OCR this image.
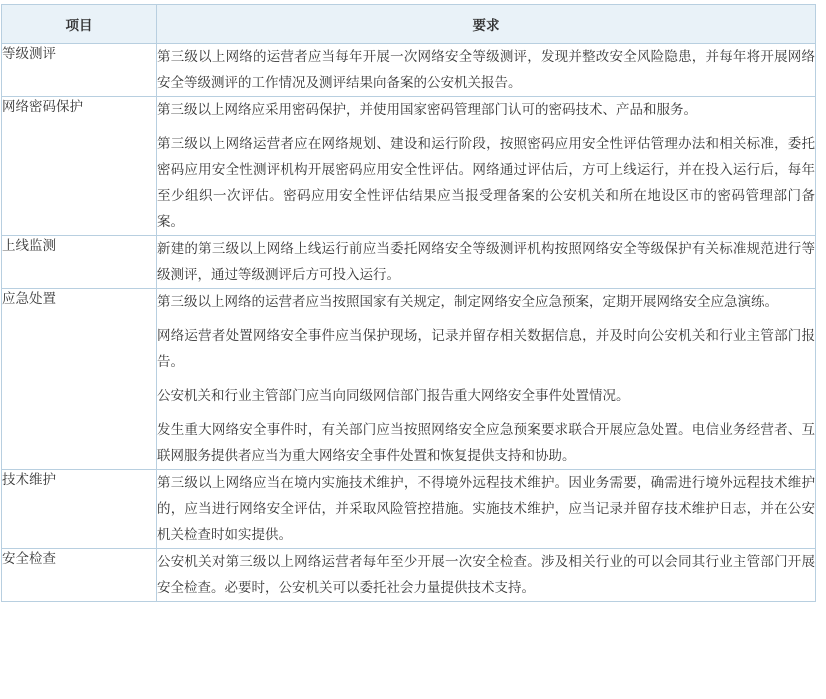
项目	要求
等级测评	第三级以上网络的运营者应当每年开展一次网络安全等级测评，发现并整改安全风险隐患，并每年将开展网络安全等级测评的工作情况及测评结果向备案的公安机关报告。

网络密码保护	第三级以上网络应采用密码保护，并使用国家密码管理部门认可的密码技术、产品和服务。

第三级以上网络运营者应在网络规划、建设和运行阶段，按照密码应用安全性评估管理办法和相关标准，委托密码应用安全性测评机构开展密码应用安全性评估。网络通过评估后，方可上线运行，并在投入运行后，每年至少组织一次评估。密码应用安全性评估结果应当报受理备案的公安机关和所在地设区市的密码管理部门备案。

上线监测	新建的第三级以上网络上线运行前应当委托网络安全等级测评机构按照网络安全等级保护有关标准规范进行等级测评，通过等级测评后方可投入运行。

应急处置	第三级以上网络的运营者应当按照国家有关规定，制定网络安全应急预案，定期开展网络安全应急演练。

网络运营者处置网络安全事件应当保护现场，记录并留存相关数据信息，并及时向公安机关和行业主管部门报告。

公安机关和行业主管部门应当向同级网信部门报告重大网络安全事件处置情况。

发生重大网络安全事件时，有关部门应当按照网络安全应急预案要求联合开展应急处置。电信业务经营者、互联网服务提供者应当为重大网络安全事件处置和恢复提供支持和协助。

技术维护	第三级以上网络应当在境内实施技术维护，不得境外远程技术维护。因业务需要，确需进行境外远程技术维护的，应当进行网络安全评估，并采取风险管控措施。实施技术维护，应当记录并留存技术维护日志，并在公安机关检查时如实提供。

安全检查	公安机关对第三级以上网络运营者每年至少开展一次安全检查。涉及相关行业的可以会同其行业主管部门开展安全检查。必要时，公安机关可以委托社会力量提供技术支持。
